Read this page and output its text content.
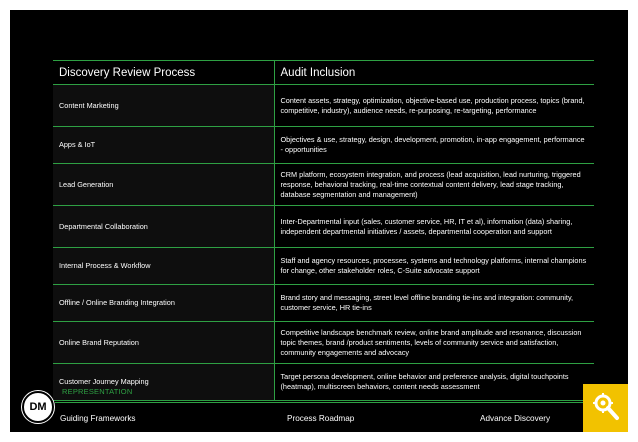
Discovery Review Process	Audit Inclusion
Content Marketing	Content assets, strategy, optimization, objective-based use, production process, topics (brand, competitive, industry), audience needs, re-purposing, re-targeting, performance
Apps & IoT	Objectives & use, strategy, design, development, promotion, in-app engagement, performance - opportunities
Lead Generation	CRM platform, ecosystem integration, and process (lead acquisition, lead nurturing, triggered response, behavioral tracking, real-time contextual content delivery, lead stage tracking, database segmentation and management)
Departmental Collaboration	Inter-Departmental input (sales, customer service, HR, IT et al), information (data) sharing, independent departmental initiatives / assets, departmental cooperation and support
Internal Process & Workflow	Staff and agency resources, processes, systems and technology platforms, internal champions for change, other stakeholder roles, C-Suite advocate support
Offline / Online Branding Integration	Brand story and messaging, street level offline branding tie-ins and integration: community, customer service, HR tie-ins
Online Brand Reputation	Competitive landscape benchmark review, online brand amplitude and resonance, discussion topic themes, brand /product sentiments, levels of community service and satisfaction, community engagements and advocacy
Customer Journey Mapping	Target persona development, online behavior and preference analysis, digital touchpoints (heatmap), multiscreen behaviors, content needs assessment
REPRESENTATION
DM
Guiding Frameworks	Process Roadmap	Advance Discovery
